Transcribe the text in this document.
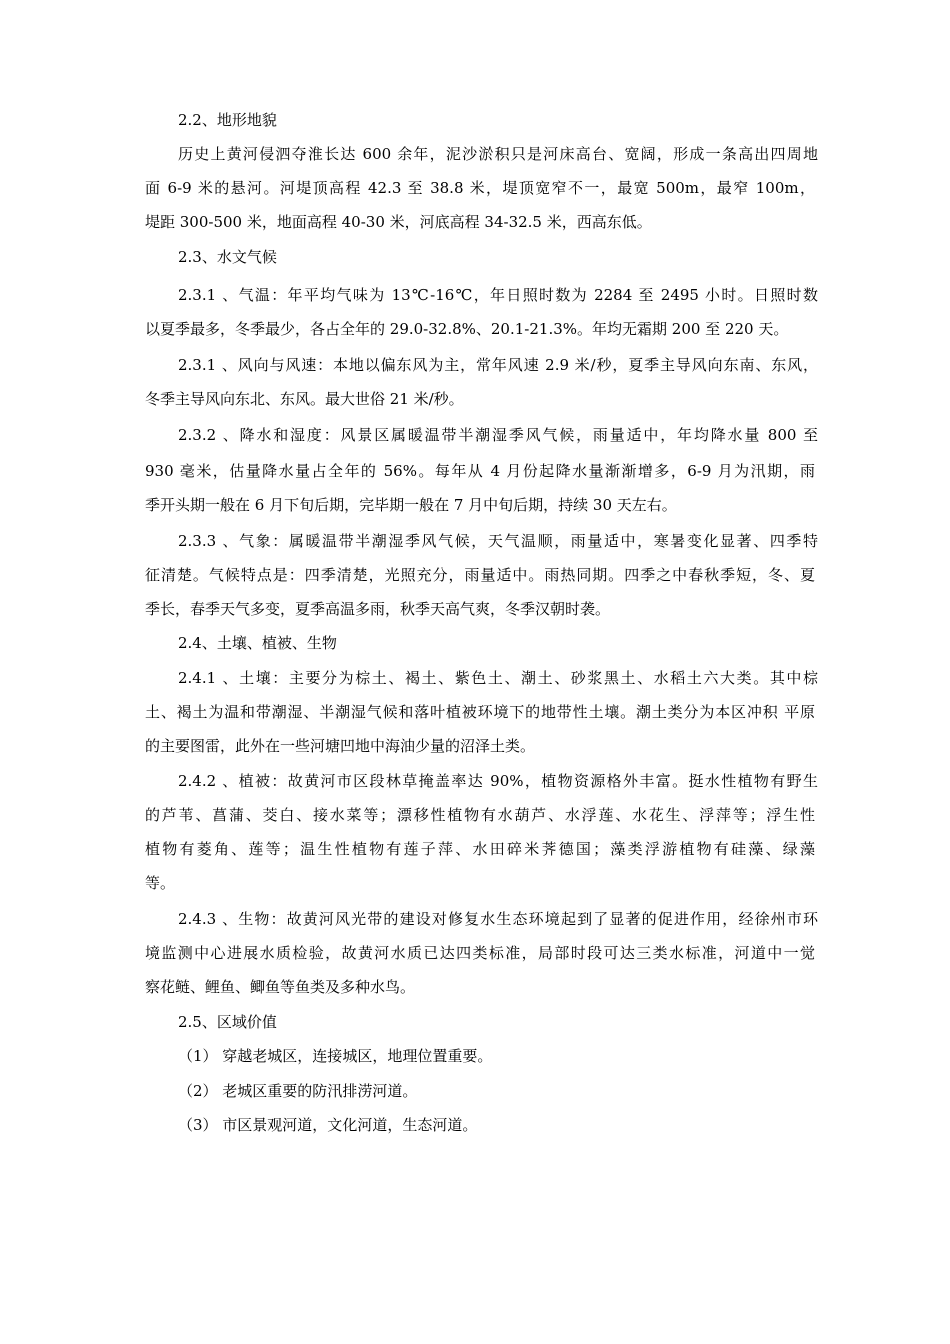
2.2、地形地貌
历史上黄河侵泗夺淮长达 600 余年，泥沙淤积只是河床高台、宽阔，形成一条高出四周地
面 6-9 米的悬河。河堤顶高程 42.3 至 38.8 米，堤顶宽窄不一，最宽 500m，最窄 100m，
堤距 300-500 米，地面高程 40-30 米，河底高程 34-32.5 米，西高东低。
2.3、水文气候
2.3.1 、气温：年平均气味为 13℃-16℃，年日照时数为 2284 至 2495 小时。日照时数
以夏季最多，冬季最少，各占全年的 29.0-32.8%、20.1-21.3%。年均无霜期 200 至 220 天。
2.3.1 、风向与风速：本地以偏东风为主，常年风速 2.9 米/秒，夏季主导风向东南、东风，
冬季主导风向东北、东风。最大世俗 21 米/秒。
2.3.2 、降水和湿度：风景区属暖温带半潮湿季风气候，雨量适中，年均降水量 800 至
930 毫米，估量降水量占全年的 56%。每年从 4 月份起降水量渐渐增多，6-9 月为汛期，雨
季开头期一般在 6 月下旬后期，完毕期一般在 7 月中旬后期，持续 30 天左右。
2.3.3 、气象：属暖温带半潮湿季风气候，天气温顺，雨量适中，寒暑变化显著、四季特
征清楚。气候特点是：四季清楚，光照充分，雨量适中。雨热同期。四季之中春秋季短，冬、夏
季长，春季天气多变，夏季高温多雨，秋季天高气爽，冬季汉朝时袭。
2.4、土壤、植被、生物
2.4.1 、土壤：主要分为棕土、褐土、紫色土、潮土、砂浆黑土、水稻土六大类。其中棕
土、褐土为温和带潮湿、半潮湿气候和落叶植被环境下的地带性土壤。潮土类分为本区冲积 平原
的主要图雷，此外在一些河塘凹地中海油少量的沼泽土类。
2.4.2 、植被：故黄河市区段林草掩盖率达 90%，植物资源格外丰富。挺水性植物有野生
的芦苇、菖蒲、茭白、接水菜等；漂移性植物有水葫芦、水浮莲、水花生、浮萍等；浮生性
植物有菱角、莲等；温生性植物有莲子萍、水田碎米荠德国；藻类浮游植物有硅藻、绿藻
等。
2.4.3 、生物：故黄河风光带的建设对修复水生态环境起到了显著的促进作用，经徐州市环
境监测中心进展水质检验，故黄河水质已达四类标准，局部时段可达三类水标准，河道中一觉
察花鲢、鲤鱼、鲫鱼等鱼类及多种水鸟。
2.5、区域价值
（1） 穿越老城区，连接城区，地理位置重要。
（2） 老城区重要的防汛排涝河道。
（3） 市区景观河道，文化河道，生态河道。
